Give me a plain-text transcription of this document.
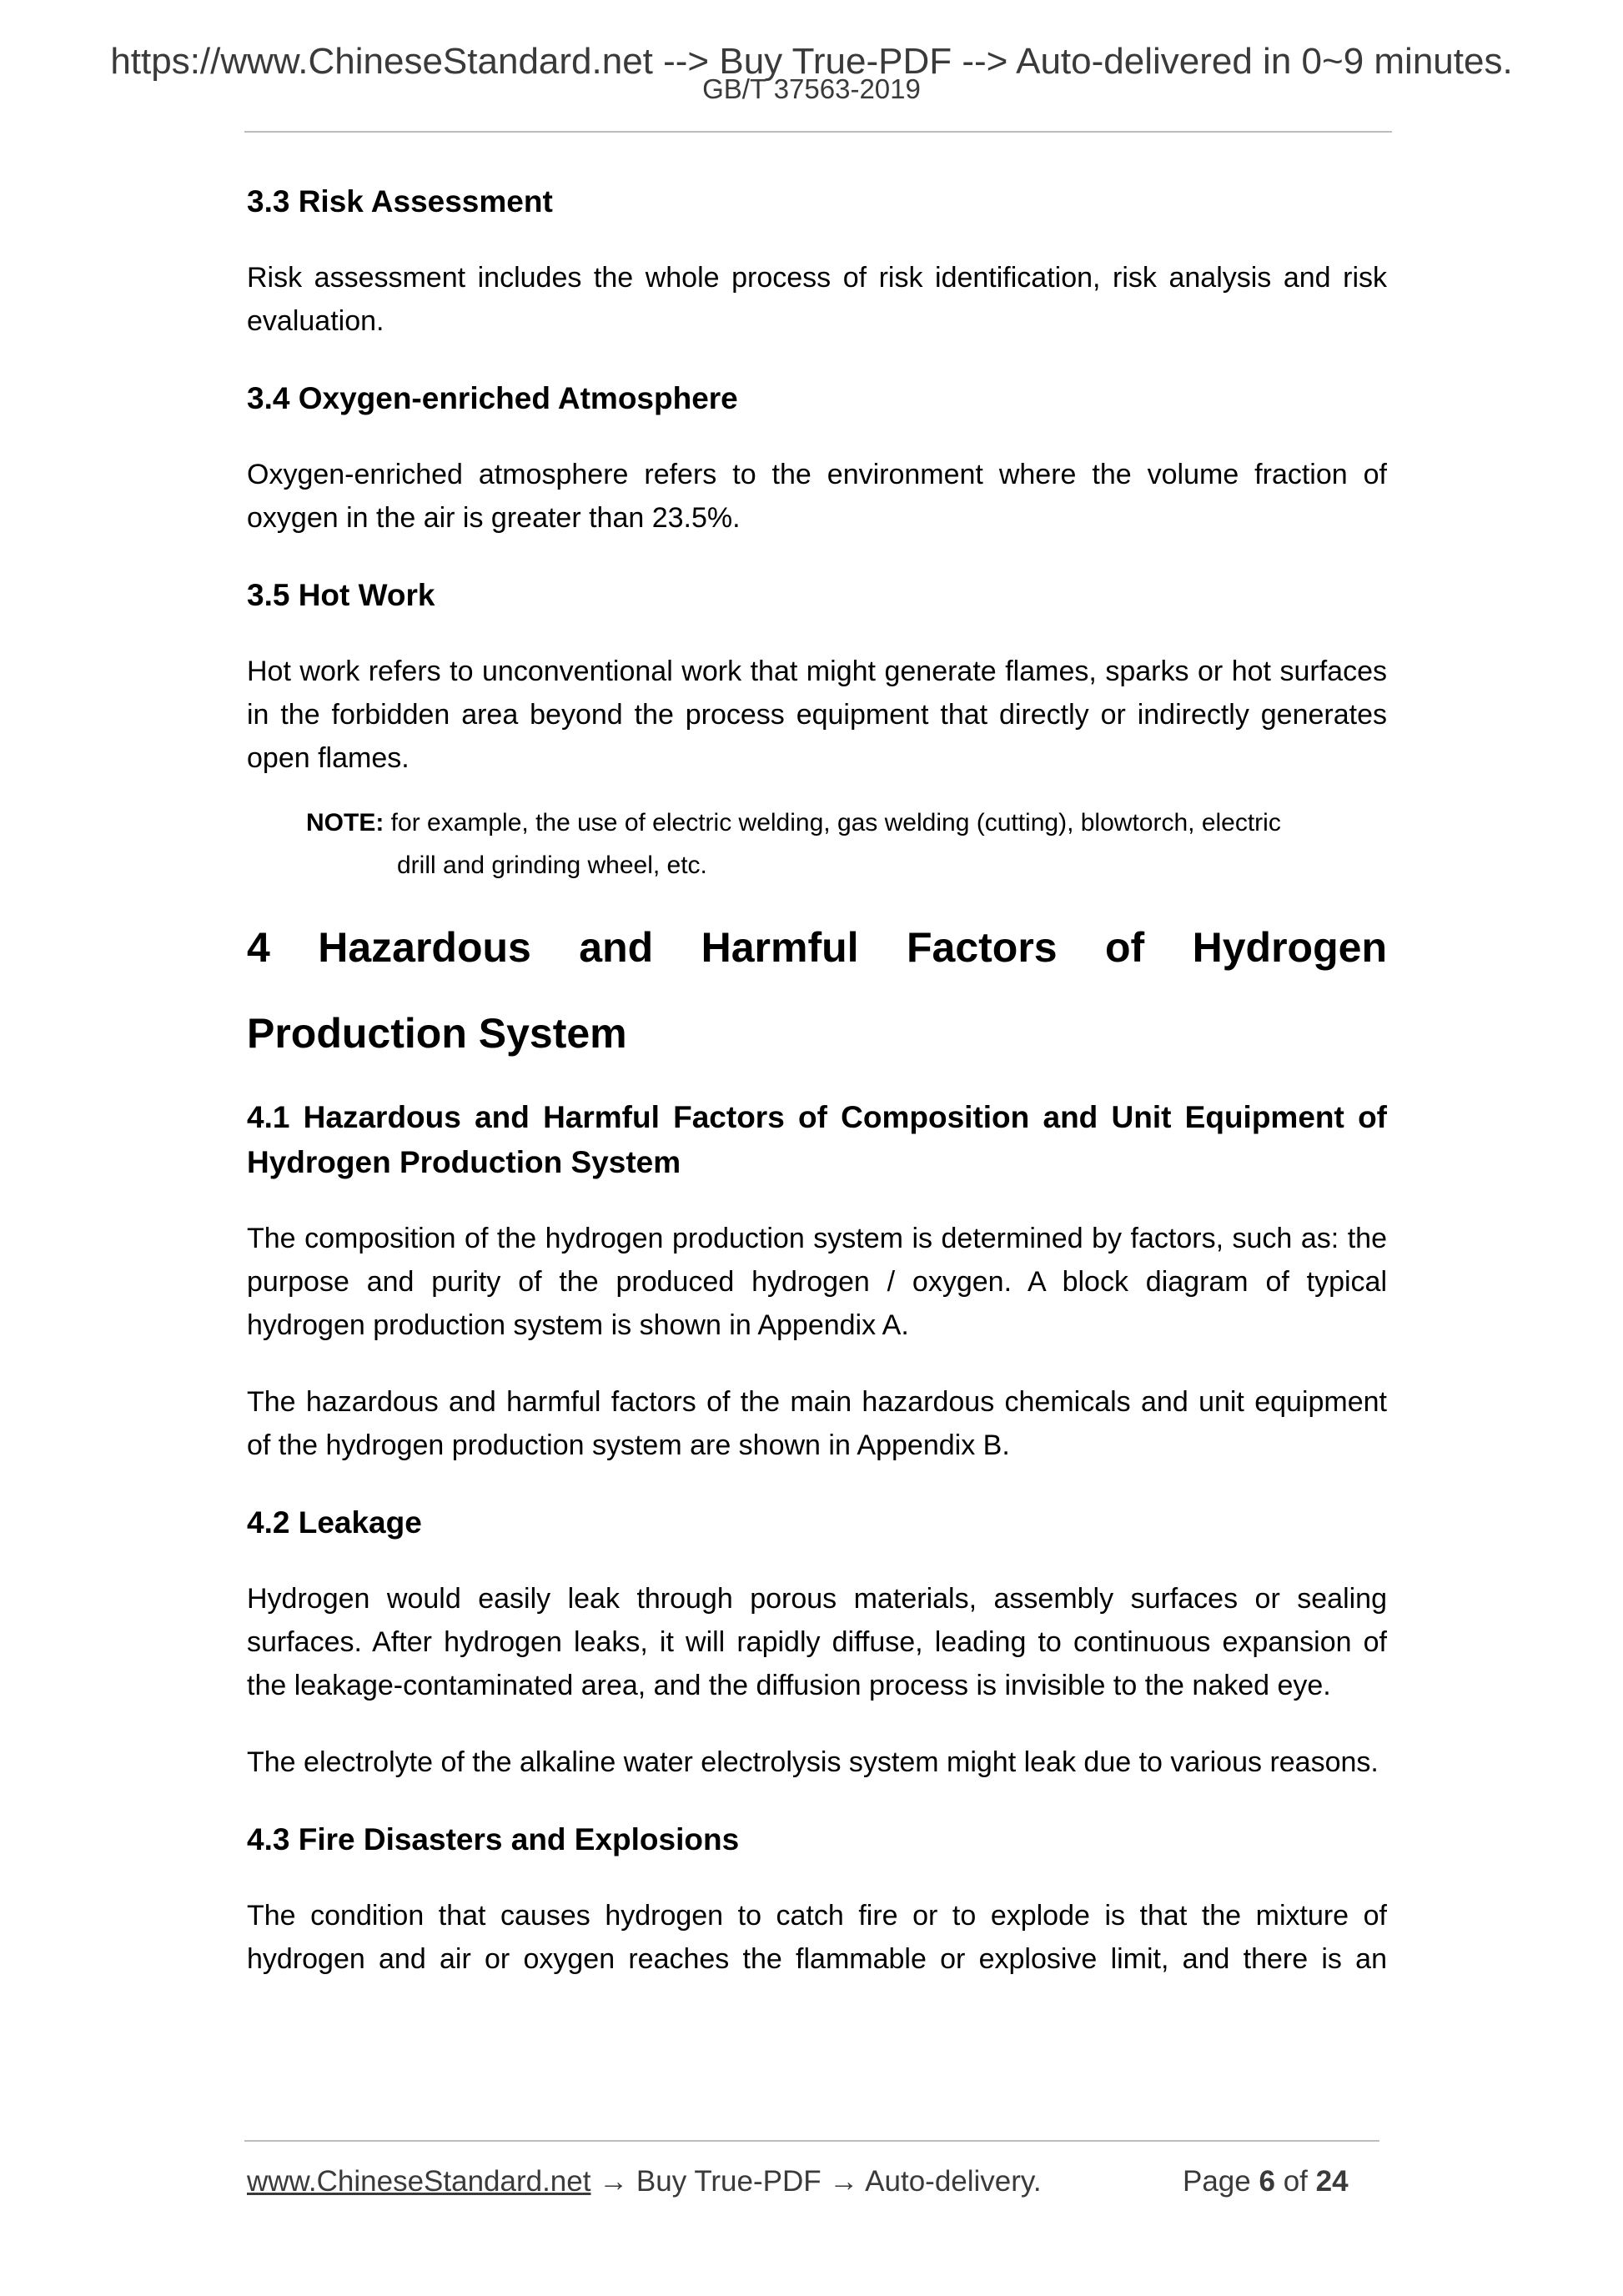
https://www.ChineseStandard.net --> Buy True-PDF --> Auto-delivered in 0~9 minutes.
GB/T 37563-2019
3.3 Risk Assessment

Risk assessment includes the whole process of risk identification, risk analysis and risk evaluation.

3.4 Oxygen-enriched Atmosphere

Oxygen-enriched atmosphere refers to the environment where the volume fraction of oxygen in the air is greater than 23.5%.

3.5 Hot Work

Hot work refers to unconventional work that might generate flames, sparks or hot surfaces in the forbidden area beyond the process equipment that directly or indirectly generates open flames.

NOTE: for example, the use of electric welding, gas welding (cutting), blowtorch, electric
drill and grinding wheel, etc.

4 Hazardous and Harmful Factors of Hydrogen Production System
4.1 Hazardous and Harmful Factors of Composition and Unit Equipment of Hydrogen Production System

The composition of the hydrogen production system is determined by factors, such as: the purpose and purity of the produced hydrogen / oxygen. A block diagram of typical hydrogen production system is shown in Appendix A.

The hazardous and harmful factors of the main hazardous chemicals and unit equipment of the hydrogen production system are shown in Appendix B.

4.2 Leakage

Hydrogen would easily leak through porous materials, assembly surfaces or sealing surfaces. After hydrogen leaks, it will rapidly diffuse, leading to continuous expansion of the leakage-contaminated area, and the diffusion process is invisible to the naked eye.

The electrolyte of the alkaline water electrolysis system might leak due to various reasons.

4.3 Fire Disasters and Explosions

The condition that causes hydrogen to catch fire or to explode is that the mixture of hydrogen and air or oxygen reaches the flammable or explosive limit, and there is an

www.ChineseStandard.net → Buy True-PDF → Auto-delivery.	Page 6 of 24
